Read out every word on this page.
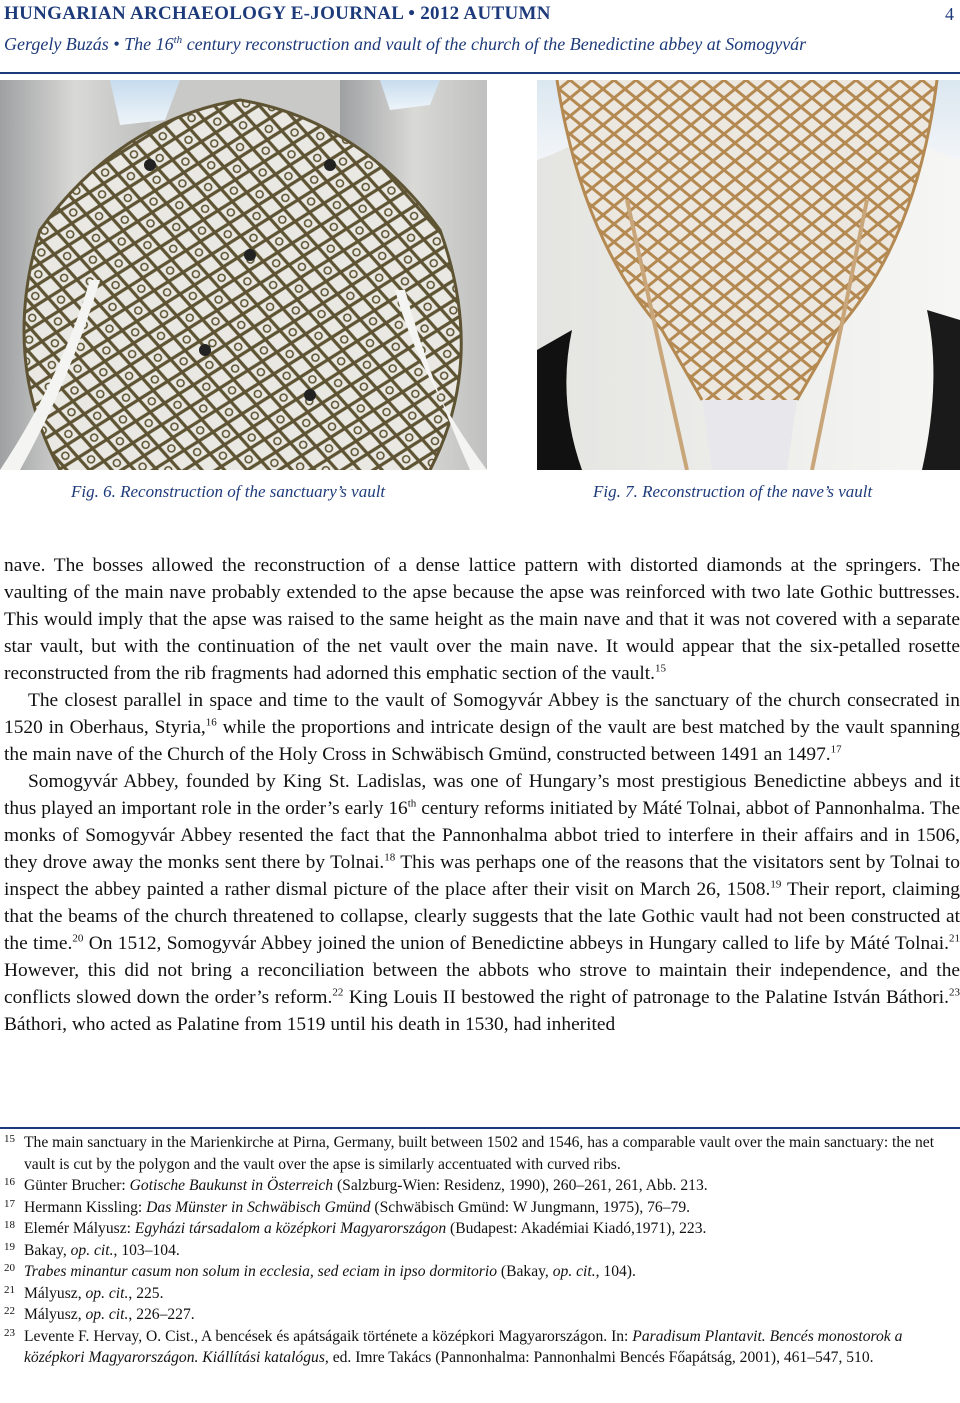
HUNGARIAN ARCHAEOLOGY E-JOURNAL • 2012 AUTUMN	4
Gergely Buzás • The 16th century reconstruction and vault of the church of the Benedictine abbey at Somogyvár
Fig. 6. Reconstruction of the sanctuary’s vault	Fig. 7. Reconstruction of the nave’s vault

nave. The bosses allowed the reconstruction of a dense lattice pattern with distorted diamonds at the springers. The vaulting of the main nave probably extended to the apse because the apse was reinforced with two late Gothic buttresses. This would imply that the apse was raised to the same height as the main nave and that it was not covered with a separate star vault, but with the continuation of the net vault over the main nave. It would appear that the six-petalled rosette reconstructed from the rib fragments had adorned this emphatic section of the vault.$^{15}$

The closest parallel in space and time to the vault of Somogyvár Abbey is the sanctuary of the church consecrated in 1520 in Oberhaus, Styria,$^{16}$ while the proportions and intricate design of the vault are best matched by the vault spanning the main nave of the Church of the Holy Cross in Schwäbisch Gmünd, constructed between 1491 an 1497.17

Somogyvár Abbey, founded by King St. Ladislas, was one of Hungary’s most prestigious Benedictine abbeys and it thus played an important role in the order’s early 16th century reforms initiated by Máté Tolnai, abbot of Pannonhalma. The monks of Somogyvár Abbey resented the fact that the Pannonhalma abbot tried to interfere in their affairs and in 1506, they drove away the monks sent there by Tolnai.$^{18}$ This was perhaps one of the reasons that the visitators sent by Tolnai to inspect the abbey painted a rather dismal picture of the place after their visit on March 26, 1508.19 Their report, claiming that the beams of the church threatened to collapse, clearly suggests that the late Gothic vault had not been constructed at the time.$^{20}$ On 1512, Somogyvár Abbey joined the union of Benedictine abbeys in Hungary called to life by Máté Tolnai.$^{21}$ However, this did not bring a reconciliation between the abbots who strove to maintain their independence, and the conflicts slowed down the order’s reform.$^{22}$ King Louis II bestowed the right of patronage to the Palatine István Báthori.$^{23}$ Báthori, who acted as Palatine from 1519 until his death in 1530, had inherited

15 The main sanctuary in the Marienkirche at Pirna, Germany, built between 1502 and 1546, has a comparable vault over the main sanctuary: the net vault is cut by the polygon and the vault over the apse is similarly accentuated with curved ribs.
16 Günter Brucher: Gotische Baukunst in Österreich (Salzburg-Wien: Residenz, 1990), 260–261, 261, Abb. 213.
17 Hermann Kissling: Das Münster in Schwäbisch Gmünd (Schwäbisch Gmünd: W Jungmann, 1975), 76–79.
18 Elemér Mályusz: Egyházi társadalom a középkori Magyarországon (Budapest: Akadémiai Kiadó,1971), 223.
19 Bakay, op. cit., 103–104.
20 Trabes minantur casum non solum in ecclesia, sed eciam in ipso dormitorio (Bakay, op. cit., 104).
21 Mályusz, op. cit., 225.
22 Mályusz, op. cit., 226–227.
23 Levente F. Hervay, O. Cist., A bencések és apátságaik története a középkori Magyarországon. In: Paradisum Plantavit. Bencés monostorok a középkori Magyarországon. Kiállítási katalógus, ed. Imre Takács (Pannonhalma: Pannonhalmi Bencés Főapátság, 2001), 461–547, 510.
